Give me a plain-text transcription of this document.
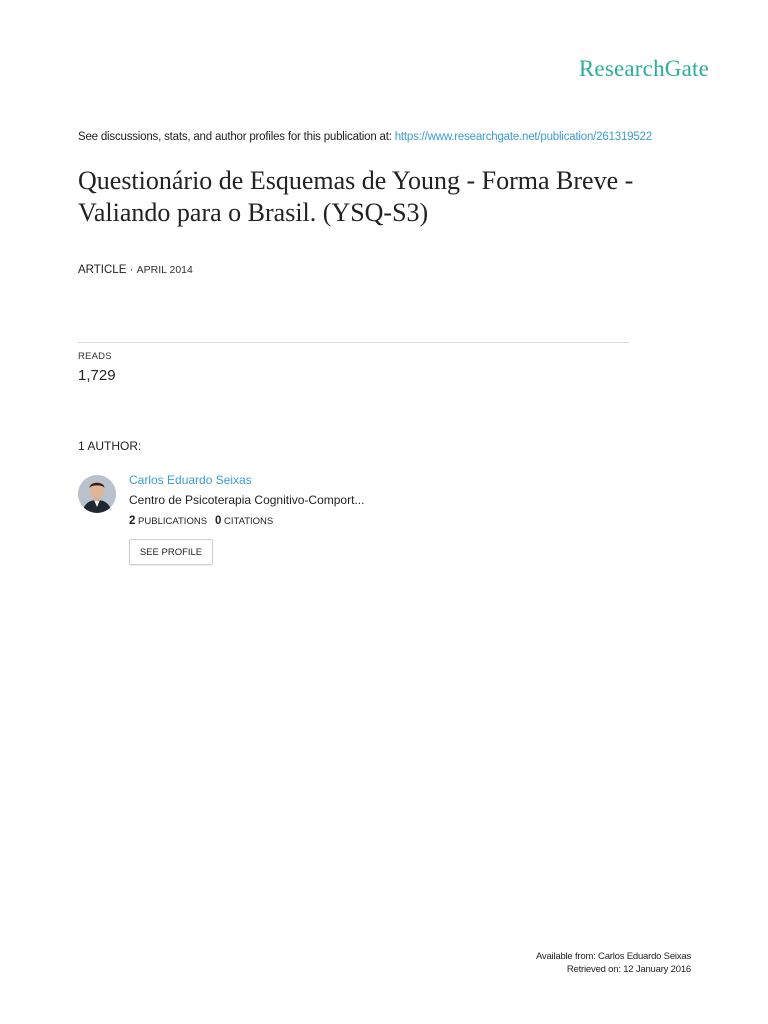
ResearchGate
See discussions, stats, and author profiles for this publication at: https://www.researchgate.net/publication/261319522
Questionário de Esquemas de Young - Forma Breve - Valiando para o Brasil. (YSQ-S3)
ARTICLE · APRIL 2014
READS
1,729
1 AUTHOR:
Carlos Eduardo Seixas
Centro de Psicoterapia Cognitivo-Comport...
2 PUBLICATIONS 0 CITATIONS
SEE PROFILE
Available from: Carlos Eduardo Seixas
Retrieved on: 12 January 2016
